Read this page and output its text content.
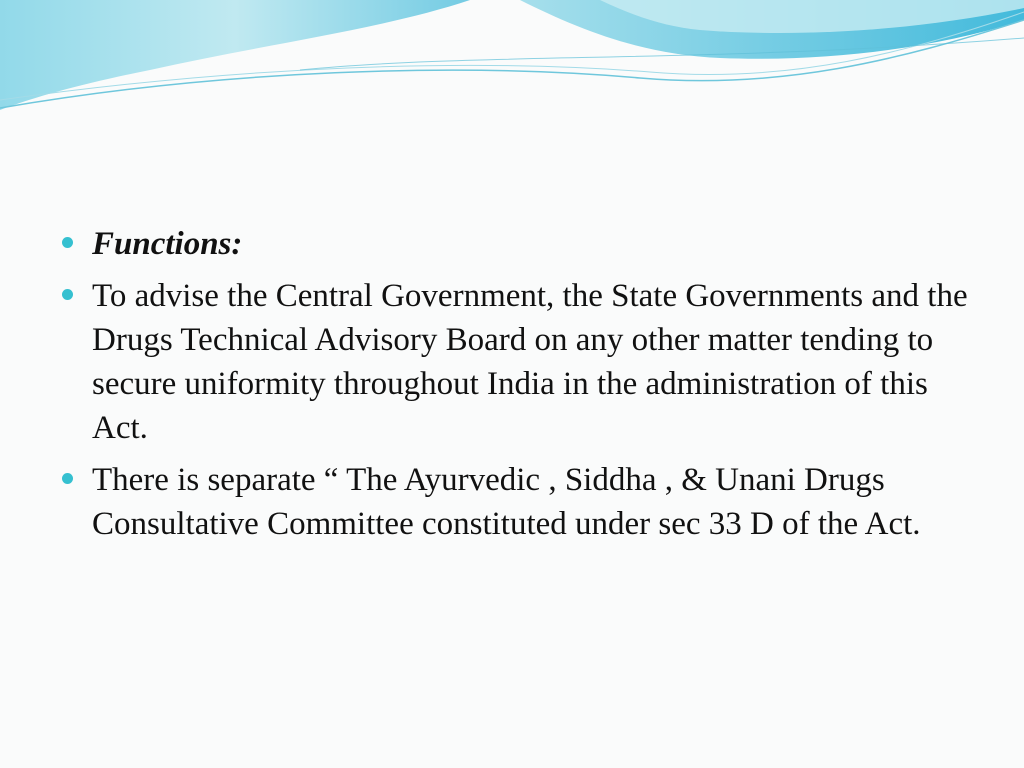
Functions:
To advise the Central Government, the State Governments and the Drugs Technical Advisory Board on any other matter tending to secure uniformity throughout India in the administration of this Act.
There is separate “ The Ayurvedic , Siddha , & Unani Drugs Consultative Committee constituted under sec 33 D of the Act.
